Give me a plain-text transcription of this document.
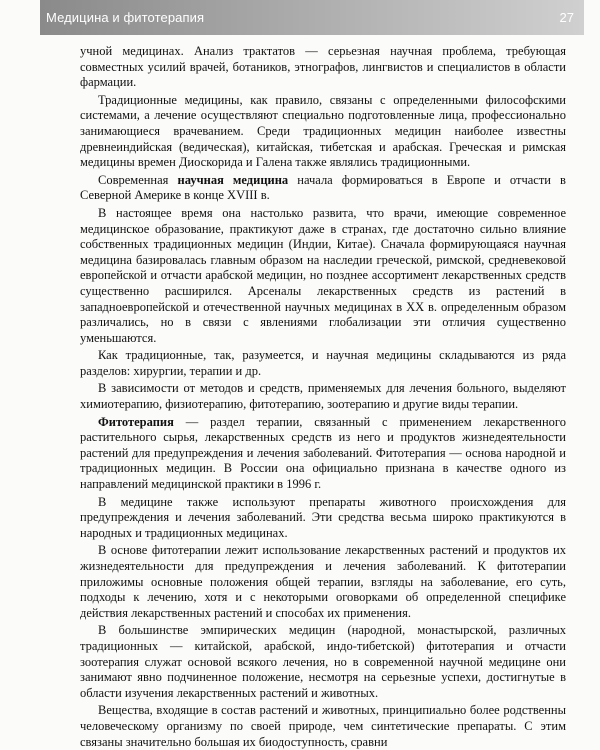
Медицина и фитотерапия	27

учной медицинах. Анализ трактатов — серьезная научная проблема, требующая совместных усилий врачей, ботаников, этнографов, лингвистов и специалистов в области фармации.

Традиционные медицины, как правило, связаны с определенными философскими системами, а лечение осуществляют специально подготовленные лица, профессионально занимающиеся врачеванием. Среди традиционных медицин наиболее известны древнеиндийская (ведическая), китайская, тибетская и арабская. Греческая и римская медицины времен Диоскорида и Галена также являлись традиционными.

Современная научная медицина начала формироваться в Европе и отчасти в Северной Америке в конце XVIII в.

В настоящее время она настолько развита, что врачи, имеющие современное медицинское образование, практикуют даже в странах, где достаточно сильно влияние собственных традиционных медицин (Индии, Китае). Сначала формирующаяся научная медицина базировалась главным образом на наследии греческой, римской, средневековой европейской и отчасти арабской медицин, но позднее ассортимент лекарственных средств существенно расширился. Арсеналы лекарственных средств из растений в западноевропейской и отечественной научных медицинах в XX в. определенным образом различались, но в связи с явлениями глобализации эти отличия существенно уменьшаются.

Как традиционные, так, разумеется, и научная медицины складываются из ряда разделов: хирургии, терапии и др.

В зависимости от методов и средств, применяемых для лечения больного, выделяют химиотерапию, физиотерапию, фитотерапию, зоотерапию и другие виды терапии.

Фитотерапия — раздел терапии, связанный с применением лекарственного растительного сырья, лекарственных средств из него и продуктов жизнедеятельности растений для предупреждения и лечения заболеваний. Фитотерапия — основа народной и традиционных медицин. В России она официально признана в качестве одного из направлений медицинской практики в 1996 г.

В медицине также используют препараты животного происхождения для предупреждения и лечения заболеваний. Эти средства весьма широко практикуются в народных и традиционных медицинах.

В основе фитотерапии лежит использование лекарственных растений и продуктов их жизнедеятельности для предупреждения и лечения заболеваний. К фитотерапии приложимы основные положения общей терапии, взгляды на заболевание, его суть, подходы к лечению, хотя и с некоторыми оговорками об определенной специфике действия лекарственных растений и способах их применения.

В большинстве эмпирических медицин (народной, монастырской, различных традиционных — китайской, арабской, индо-тибетской) фитотерапия и отчасти зоотерапия служат основой всякого лечения, но в современной научной медицине они занимают явно подчиненное положение, несмотря на серьезные успехи, достигнутые в области изучения лекарственных растений и животных.

Вещества, входящие в состав растений и животных, принципиально более родственны человеческому организму по своей природе, чем синтетические препараты. С этим связаны значительно большая их биодоступность, сравни
